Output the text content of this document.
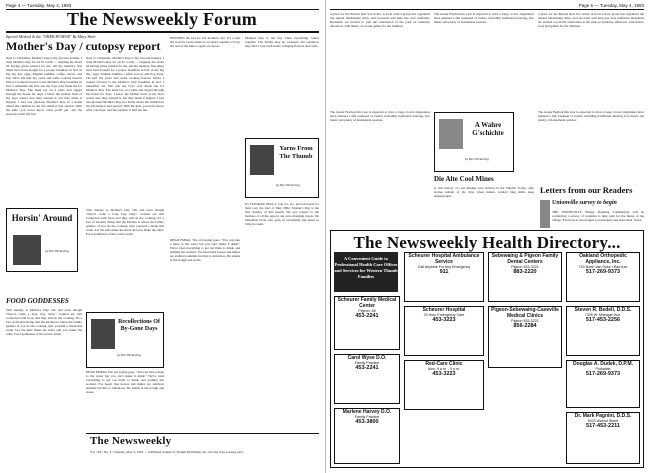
Page 4 — Tuesday, May 4, 1993
The Newsweekly Forum
Special Method & the "OHER HUMOR" By Mary Shier
Mother's Day / cutopsy report
Next to Christmas, Mother's Day is my favorite holiday. I truly Mother's Day for all it's worth — reigning me about all having given praised for me. All my memory first times have been bought for a proper breakfast in bed on my big day: eggs, English muffins, coffee, bacon, and Pop Tarts. I'm half my years and some cooking lessons before I looked forward to the Mother's Day breakfast in bed. I remember the first one my boys ever made me for Mother's Day. The meal lay on a plate and rigged through the house for days. I know the mother back of my boys wasn't sure they wanted it, but they made it happen. I had one glorious Mother's Day in a home where the children in my life made it feel special. With the kids, you never know what you'll get, and the surprise is half the fun.
Next to Christmas, Mother's Day is my favorite holiday. I truly Mother's Day for all it's worth — reigning me about all having given praised for me. All my memory first times have been bought for a proper breakfast in bed on my big day: eggs, English muffins, coffee, bacon, and Pop Tarts. I'm half my years and some cooking lessons before I looked forward to the Mother's Day breakfast in bed. I remember the first one my boys ever made me for Mother's Day. The meal lay on a plate and rigged through the house for days. I know the mother back of my boys wasn't sure they wanted it, but they made it happen. I had one glorious Mother's Day in a home where the children in my life made it feel special. With the kids, you never know what you'll get, and the surprise is half the fun.
MYNNED the kid for the mother's day. It's worth the wait for every memory we share together. I'd say the rest of the time is spent on chores.
Mothers Day is the day when everything comes together. The family may be scattered, but somehow they find a way back home, bringing flowers and cards.
Horsin' Around
by Bev Pickering
FOOD GODDESSES
This Sunday is Mother's Day. Oh, and even though "they're come a long way, baby," women are still connected with food, and they still do the cooking. It's a fact of modern living that the kitchen is where the family gathers. If you do the cooking, give yourself a break this week. Let the kids make the mess and you make the rules. Food goddesses of the world, unite!
This Sunday is Mother's Day. Oh, and even though "they're come a long way, baby," women are still connected with food, and they still do the cooking. It's a fact of modern living that the kitchen is where the family gathers. If you do the cooking, give yourself a break this week. Let the kids make the mess and you make the rules. Food goddesses of the world, unite!
Recollections Of By-Gone Days
by Bev Pickering
DEAR EMMA: The old saying goes, "You can take a mule to the water but you can't make it drink." We've tried everything to get our mule to drink, and nothing has worked. I've heard that horses and mules are stubborn animals but this is ridiculous. He stands at the trough and stares.
DEAR EMMA: The old saying goes, "You can take a mule to the water but you can't make it drink." We've tried everything to get our mule to drink, and nothing has worked. I've heard that horses and mules are stubborn animals but this is ridiculous. He stands at the trough and stares.
Yarns From The Thumb
by Bev Pickering
It's TUESDAY, MAY 4. Can we, too, and we're just for their own the start of May 2002, Mother's Day is the first Sunday of this month. We pay respect to the mothers of all the ages in our ever-changing towns. We remember those who gave us everything and asked so little in return.
The Newsweekly
Vol. 104 • No. 6 • Tuesday, May 4, 1993 — Published weekly by Thumb Publishing, Inc. Second class postage paid.
Page 5 — Tuesday, May 4, 1993
a place for the Boston Red Sox ticket. A local school group has organized the annual fundraising drive, and proceeds will help buy new uniforms. Residents are invited to join the celebration at the park on Saturday afternoon, with music, food and games for the children.
The Greek Festival this year is expected to draw a large crowd. Organizers have planned a full weekend of events, including traditional dancing, live music and plenty of homemade pastries.
a place for the Boston Red Sox ticket. A local school group has organized the annual fundraising drive, and proceeds will help buy new uniforms. Residents are invited to join the celebration at the park on Saturday afternoon, with music, food and games for the children.
The Greek Festival this year is expected to draw a large crowd. Organizers have planned a full weekend of events, including traditional dancing, live music and plenty of homemade pastries.
A Wahre G'schichte
by Bev Pickering
Die Alte Cool Mines
A rich history of coal mining once thrived in the Thumb. Today, only stories remain of the days when miners worked long shifts deep underground.
The Greek Festival this year is expected to draw a large crowd. Organizers have planned a full weekend of events, including traditional dancing, live music and plenty of homemade pastries.
Letters from our Readers
Unionville survey to begin
THE UNIONVILLE Village Planning Commission will be conducting a survey of residents to help plan for the future of the village. Everyone is encouraged to participate and share their views.
The Newsweekly Health Directory...
A Convenient Guide to Professional Health Care Offices and Services for Western Thumb Families
Scheurer Hospital Ambulance Service
Call Anytime For Any Emergency
911
Sebewaing & Pigeon Family Dental Centers
Pigeon 453-3221
883-2220
Oakland Orthopedic Appliance, Inc.
743 North Van Dyke • Bad Axe
517-269-9373
Scheurer Family Medical Center
Pigeon, MI
453-2241
Scheurer Hospital
24 Hour Emergency Care
453-3223
Pigeon-Sebewaing-Caseville Medical Clinics
Pigeon 453-3221
856-2284
Steven R. Bedell, D.D.S.
7339 W. Michigan Ave.
517-453-2256
Carol Wyse D.O.
Family Practice
453-2241
Red-Care Clinic
Mon. 9 a.m. - 5 p.m.
453-3223
Douglas A. Dudek, D.P.M.
Podiatrist
517-269-9373
Marlene Harvey D.O.
Family Practice
453-3800
Dr. Mark Pagnini, D.D.S.
5023 Walnut Street
517-453-2211
